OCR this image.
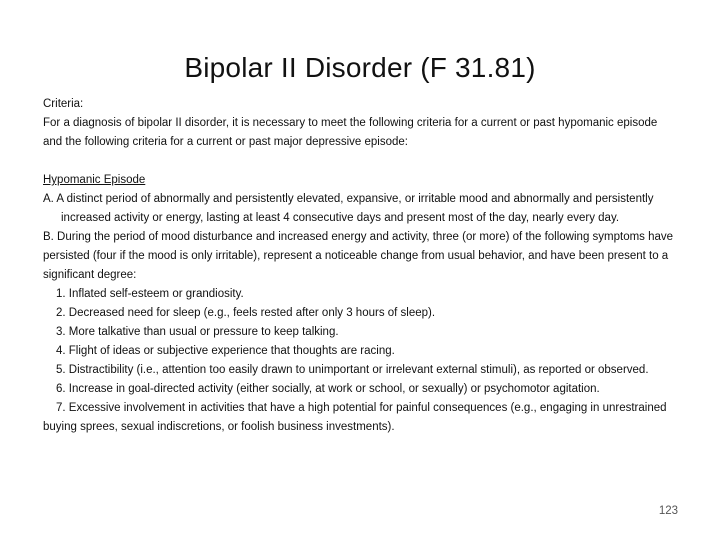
Bipolar II Disorder (F 31.81)

Criteria:

For a diagnosis of bipolar II disorder, it is necessary to meet the following criteria for a current or past hypomanic episode and the following criteria for a current or past major depressive episode:

Hypomanic Episode

A. A distinct period of abnormally and persistently elevated, expansive, or irritable mood and abnormally and persistently increased activity or energy, lasting at least 4 consecutive days and present most of the day, nearly every day.

B. During the period of mood disturbance and increased energy and activity, three (or more) of the following symptoms have persisted (four if the mood is only irritable), represent a noticeable change from usual behavior, and have been present to a significant degree:

1. Inflated self-esteem or grandiosity.

2. Decreased need for sleep (e.g., feels rested after only 3 hours of sleep).

3. More talkative than usual or pressure to keep talking.

4. Flight of ideas or subjective experience that thoughts are racing.

5. Distractibility (i.e., attention too easily drawn to unimportant or irrelevant external stimuli), as reported or observed.

6. Increase in goal-directed activity (either socially, at work or school, or sexually) or psychomotor agitation.

7. Excessive involvement in activities that have a high potential for painful consequences (e.g., engaging in unrestrained buying sprees, sexual indiscretions, or foolish business investments).

123
